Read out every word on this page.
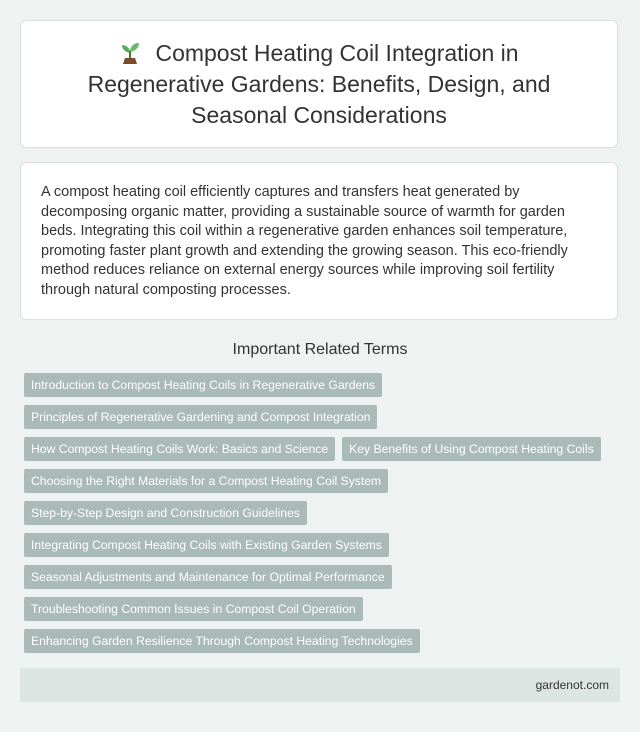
Compost Heating Coil Integration in Regenerative Gardens: Benefits, Design, and Seasonal Considerations

A compost heating coil efficiently captures and transfers heat generated by decomposing organic matter, providing a sustainable source of warmth for garden beds. Integrating this coil within a regenerative garden enhances soil temperature, promoting faster plant growth and extending the growing season. This eco-friendly method reduces reliance on external energy sources while improving soil fertility through natural composting processes.

Important Related Terms
Introduction to Compost Heating Coils in Regenerative Gardens
Principles of Regenerative Gardening and Compost Integration
How Compost Heating Coils Work: Basics and Science	Key Benefits of Using Compost Heating Coils
Choosing the Right Materials for a Compost Heating Coil System
Step-by-Step Design and Construction Guidelines
Integrating Compost Heating Coils with Existing Garden Systems
Seasonal Adjustments and Maintenance for Optimal Performance
Troubleshooting Common Issues in Compost Coil Operation
Enhancing Garden Resilience Through Compost Heating Technologies
gardenot.com
